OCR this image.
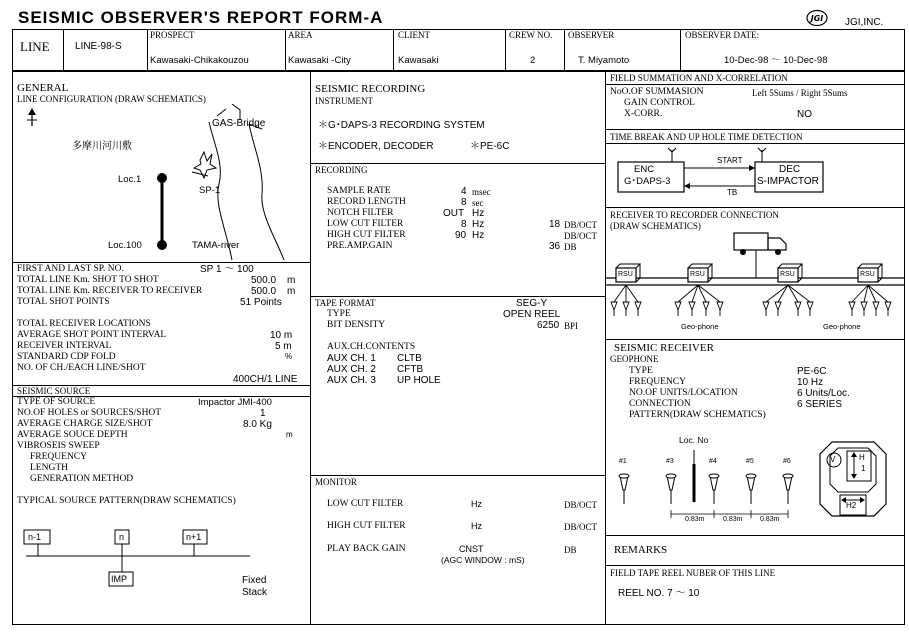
SEISMIC OBSERVER'S REPORT FORM-A	JGI JGI,INC.
LINE	LINE-98-S
PROSPECT
Kawasaki-Chikakouzou
AREA
Kawasaki -City
CLIENT
Kawasaki
CREW NO.
2
OBSERVER
T. Miyamoto
OBSERVER DATE:
10-Dec-98 ～ 10-Dec-98
GENERAL
LINE CONFIGURATION (DRAW SCHEMATICS)
GAS-Bridge
多摩川河川敷
Loc.1
SP-1
Loc.100	TAMA-river
FIRST AND LAST SP. NO.	SP 1 ～ 100
TOTAL LINE Km. SHOT TO SHOT	500.0 m
TOTAL LINE Km. RECEIVER TO RECEIVER	500.0 m
TOTAL SHOT POINTS	51 Points
TOTAL RECEIVER LOCATIONS
AVERAGE SHOT POINT INTERVAL	10 m
RECEIVER INTERVAL	5 m
STANDARD CDP FOLD	%
NO. OF CH./EACH LINE/SHOT
400CH/1 LINE
SEISMIC SOURCE
TYPE OF SOURCE	Impactor JMI-400
NO.OF HOLES or SOURCES/SHOT	1
AVERAGE CHARGE SIZE/SHOT	8.0 Kg
AVERAGE SOUCE DEPTH	m
VIBROSEIS SWEEP
FREQUENCY
LENGTH
GENERATION METHOD
TYPICAL SOURCE PATTERN(DRAW SCHEMATICS)
n-1	n	n+1
IMP	Fixed
Stack
SEISMIC RECORDING
INSTRUMENT
＊G･DAPS-3 RECORDING SYSTEM
＊ENCODER, DECODER	＊PE-6C
RECORDING
SAMPLE RATE	4 msec
RECORD LENGTH	8 sec
NOTCH FILTER	OUT Hz
LOW CUT FILTER	8 Hz	18 DB/OCT
HIGH CUT FILTER	90 Hz	DB/OCT
PRE.AMP.GAIN	36 DB
TAPE FORMAT	SEG-Y
TYPE	OPEN REEL
BIT DENSITY	6250 BPI
AUX.CH.CONTENTS
AUX CH. 1 CLTB
AUX CH. 2 CFTB
AUX CH. 3 UP HOLE
MONITOR
LOW CUT FILTER	Hz	DB/OCT
HIGH CUT FILTER	Hz	DB/OCT
PLAY BACK GAIN	CNST	DB
(AGC WINDOW : mS)
FIELD SUMMATION AND X-CORRELATION
NoO.OF SUMMASION	Left 5Sums / Right 5Sums
GAIN CONTROL
X-CORR.	NO
TIME BREAK AND UP HOLE TIME DETECTION
ENC
G･DAPS-3
DEC
S-IMPACTOR
START
TB
RECEIVER TO RECORDER CONNECTION
(DRAW SCHEMATICS)
RSU	RSU	RSU	RSU
Geo-phone	Geo-phone
SEISMIC RECEIVER
GEOPHONE
TYPE	PE-6C
FREQUENCY	10 Hz
NO.OF UNITS/LOCATION	6 Units/Loc.
CONNECTION	6 SERIES
PATTERN(DRAW SCHEMATICS)
Loc. No
#1	#3	#4	#5	#6
0.83m	0.83m	0.83m
V	H
1
H2
REMARKS
FIELD TAPE REEL NUBER OF THIS LINE
REEL NO. 7 ～ 10
